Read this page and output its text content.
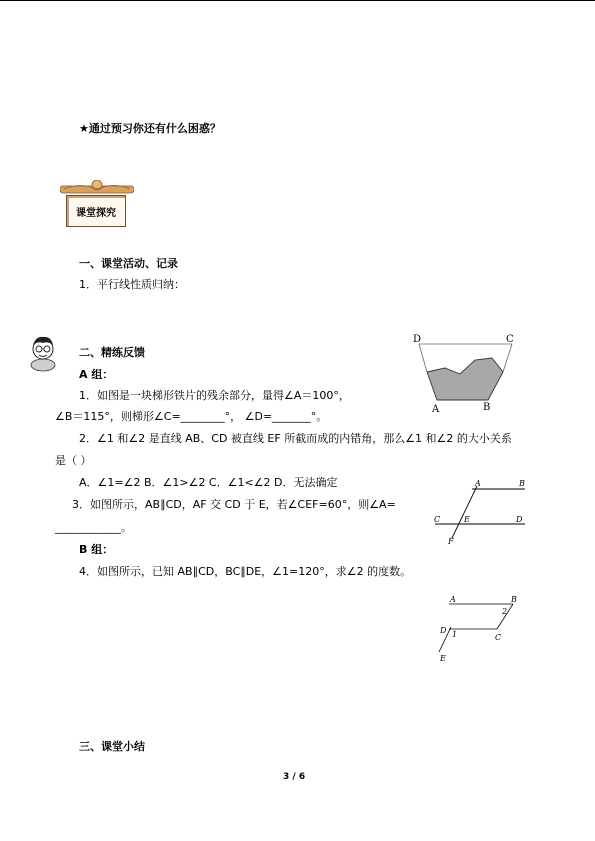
★通过预习你还有什么困惑？
课堂探究
一、课堂活动、记录
1．平行线性质归纳：
二、精练反馈
A 组：
1．如图是一块梯形铁片的残余部分，量得∠A＝100°，
∠B＝115°，则梯形∠C=________°， ∠D=_______°。
2．∠1 和∠2 是直线 AB、CD 被直线 EF 所截而成的内错角，那么∠1 和∠2 的大小关系
是（ ）
A．∠1=∠2 B．∠1>∠2 C．∠1<∠2 D．无法确定
3．如图所示，AB∥CD，AF 交 CD 于 E，若∠CEF=60°，则∠A=
____________。
B 组：
4．如图所示，已知 AB∥CD，BC∥DE，∠1=120°，求∠2 的度数。
三、课堂小结
3 / 6
D	C
A	B
A	B
C	E	D
F
A	B
2
D 1	C
E
